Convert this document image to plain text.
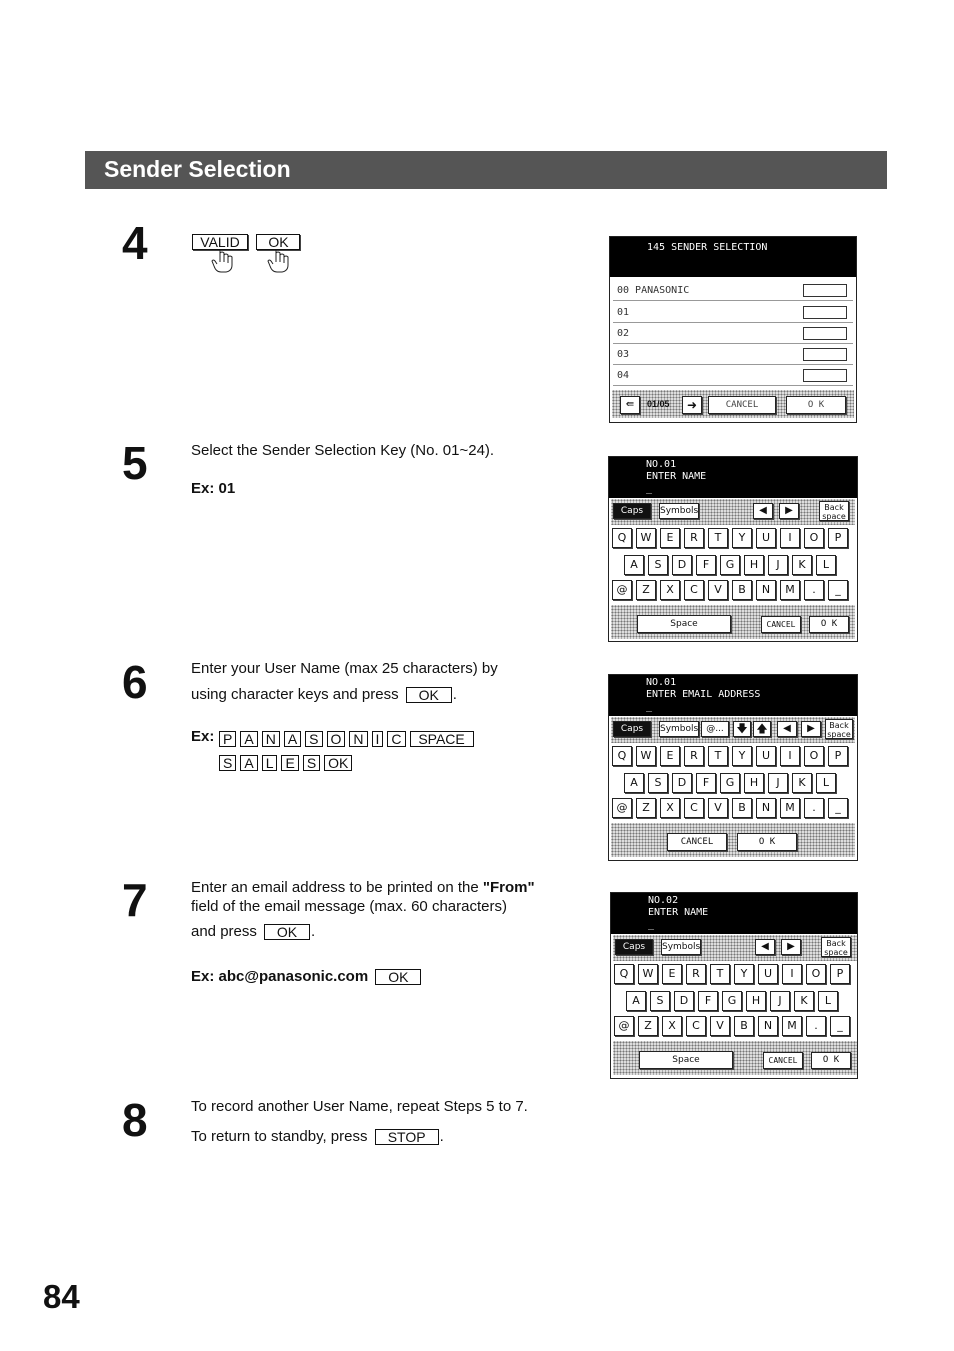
Sender Selection
4	VALID OK	145 SENDER SELECTION
00 PANASONIC
01
02
03
04
⇚	01/05	➜	CANCEL	O K
5	Select the Sender Selection Key (No. 01~24).
Ex: 01
NO.01
ENTER NAME
_
Caps	Symbols	◀	▶	Back
space
Q	W	E	R	T	Y	U	I	O	P
A	S	D	F	G	H	J	K	L
@	Z	X	C	V	B	N	M	.	_
Space	CANCEL	O K
6	Enter your User Name (max 25 characters) by
using character keys and press OK .
Ex: P A N A S O N I C SPACE
S A L E S OK
NO.01
ENTER EMAIL ADDRESS
_
Caps	Symbols @...	🡇 🡅	◀	▶	Back
space
Q	W	E	R	T	Y	U	I	O	P
A	S	D	F	G	H	J	K	L
@	Z	X	C	V	B	N	M	.	_
CANCEL	O K
7	Enter an email address to be printed on the "From"
field of the email message (max. 60 characters)
and press OK .
Ex: abc@panasonic.com OK
NO.02
ENTER NAME
_
Caps	Symbols	◀	▶	Back
space
Q	W	E	R	T	Y	U	I	O	P
A	S	D	F	G	H	J	K	L
@	Z	X	C	V	B	N	M	.	_
Space	CANCEL	O K
8	To record another User Name, repeat Steps 5 to 7.
To return to standby, press STOP .
84
